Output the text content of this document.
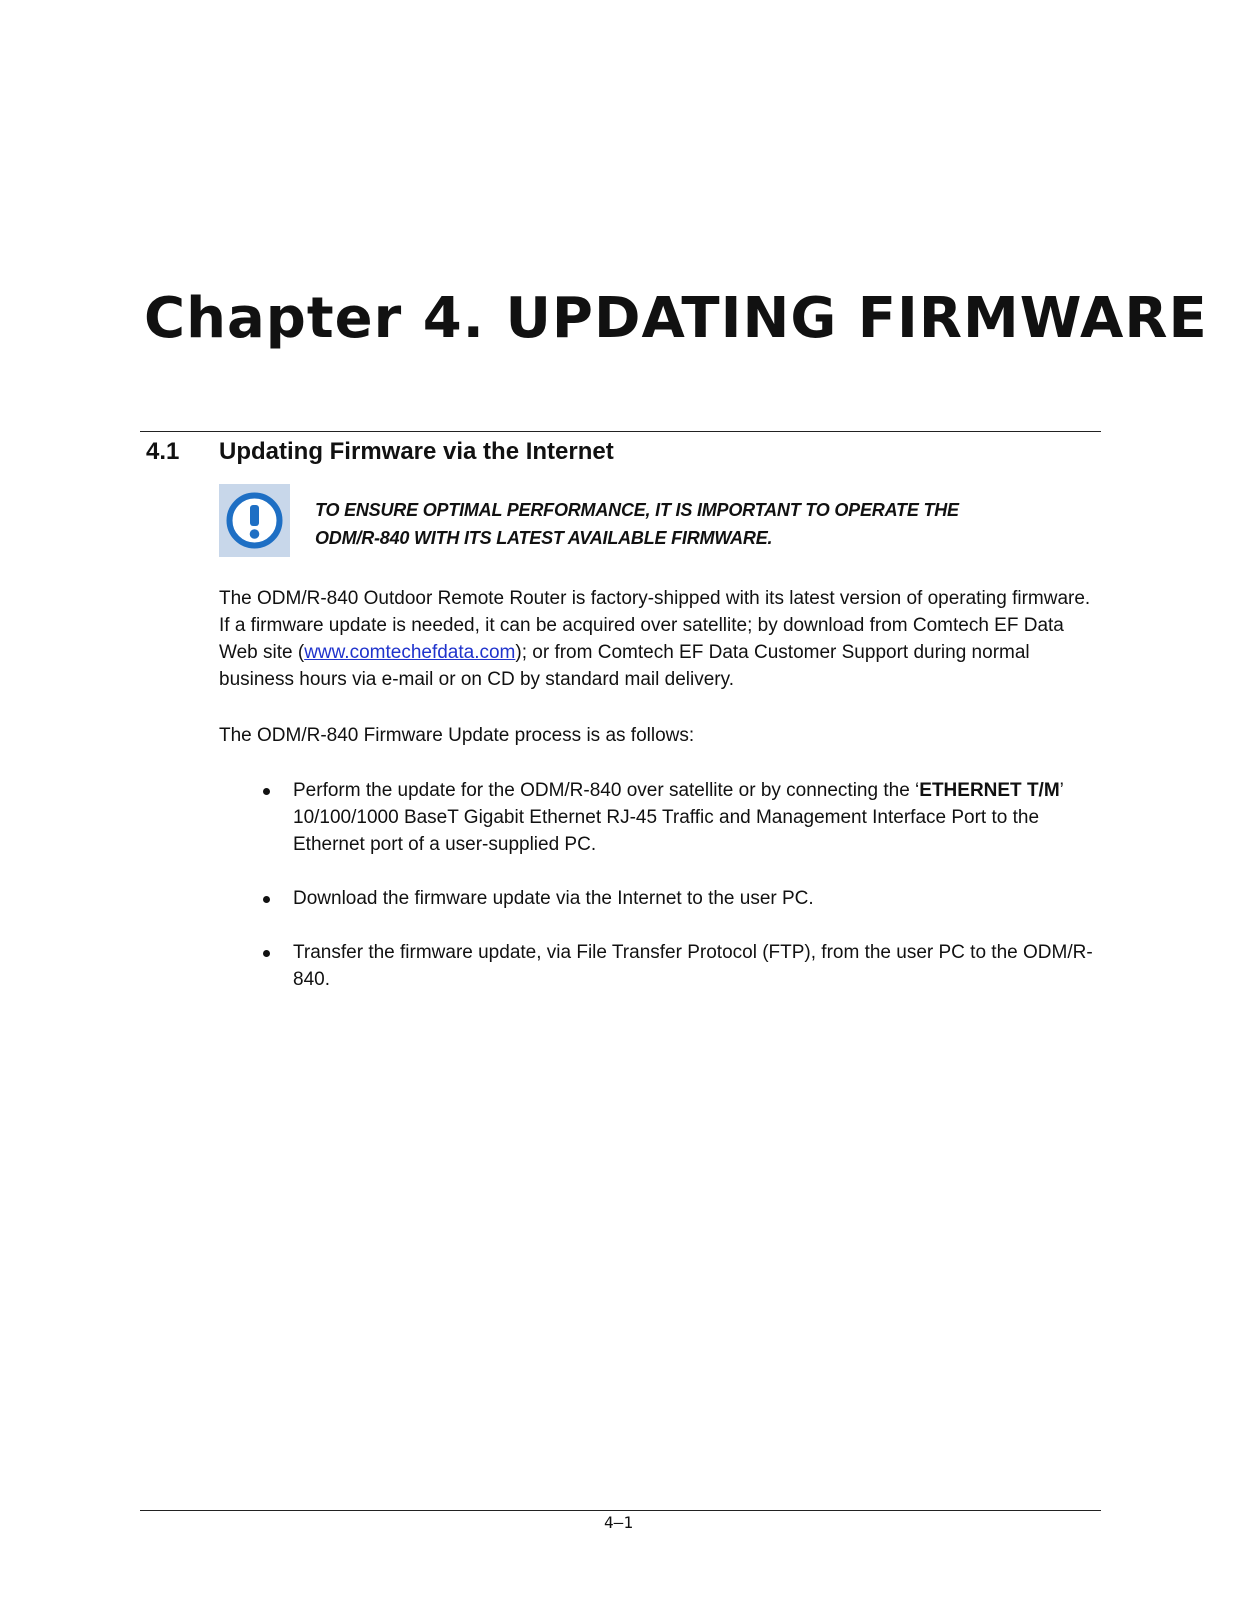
Chapter 4. UPDATING FIRMWARE
4.1 Updating Firmware via the Internet
TO ENSURE OPTIMAL PERFORMANCE, IT IS IMPORTANT TO OPERATE THE
ODM/R-840 WITH ITS LATEST AVAILABLE FIRMWARE.

The ODM/R-840 Outdoor Remote Router is factory-shipped with its latest version of operating firmware. If a firmware update is needed, it can be acquired over satellite; by download from Comtech EF Data Web site (www.comtechefdata.com); or from Comtech EF Data Customer Support during normal business hours via e-mail or on CD by standard mail delivery.

The ODM/R-840 Firmware Update process is as follows:

Perform the update for the ODM/R-840 over satellite or by connecting the ‘ETHERNET T/M’ 10/100/1000 BaseT Gigabit Ethernet RJ-45 Traffic and Management Interface Port to the Ethernet port of a user-supplied PC.
Download the firmware update via the Internet to the user PC.
Transfer the firmware update, via File Transfer Protocol (FTP), from the user PC to the ODM/R-840.
4–1
